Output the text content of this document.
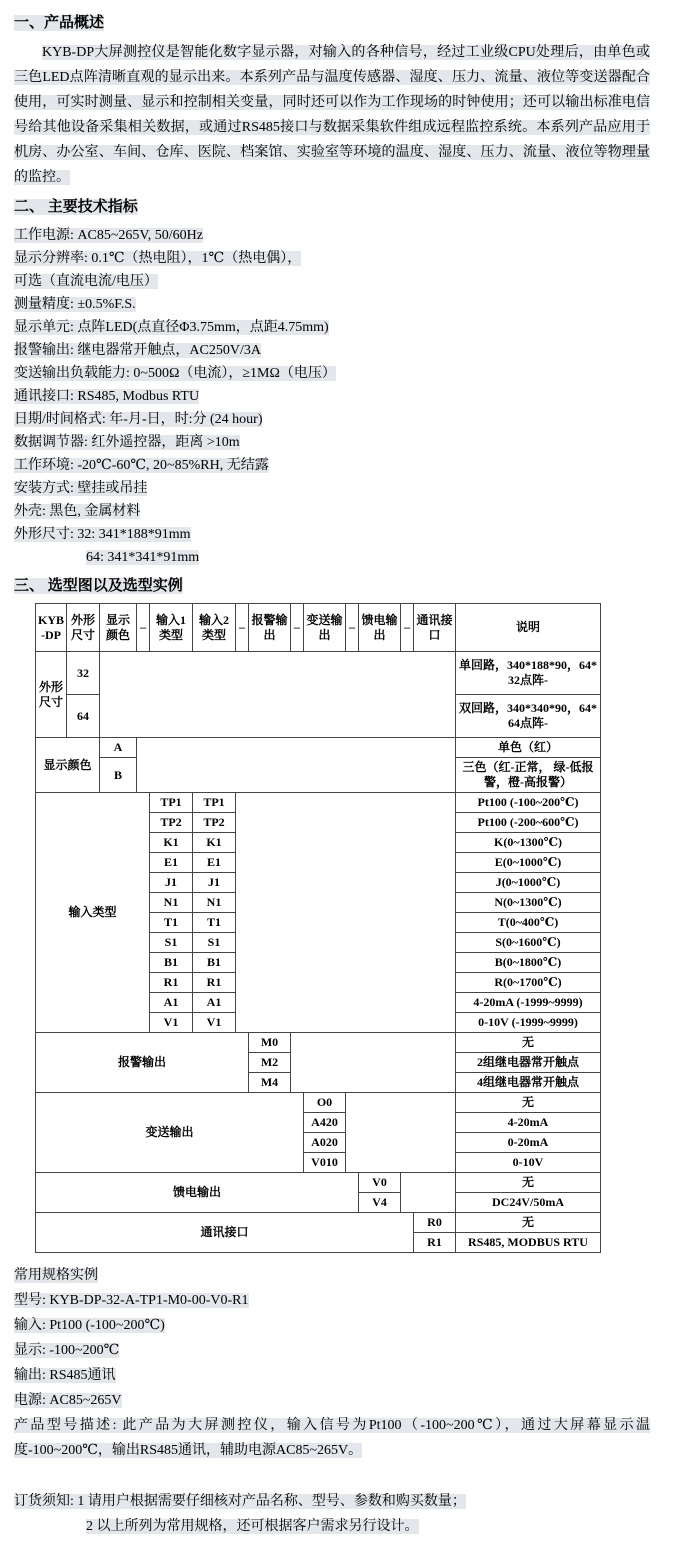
一、产品概述

KYB-DP大屏测控仪是智能化数字显示器，对输入的各种信号，经过工业级CPU处理后，由单色或三色LED点阵清晰直观的显示出来。本系列产品与温度传感器、湿度、压力、流量、液位等变送器配合使用，可实时测量、显示和控制相关变量，同时还可以作为工作现场的时钟使用；还可以输出标准电信号给其他设备采集相关数据，或通过RS485接口与数据采集软件组成远程监控系统。本系列产品应用于机房、办公室、车间、仓库、医院、档案馆、实验室等环境的温度、湿度、压力、流量、液位等物理量的监控。

二、 主要技术指标
工作电源: AC85~265V, 50/60Hz
显示分辨率: 0.1℃（热电阻），1℃（热电偶），
可选（直流电流/电压）
测量精度: ±0.5%F.S.
显示单元: 点阵LED(点直径Φ3.75mm，点距4.75mm)
报警输出: 继电器常开触点，AC250V/3A
变送输出负载能力: 0~500Ω（电流），≥1MΩ（电压）
通讯接口: RS485, Modbus RTU
日期/时间格式: 年-月-日，时:分 (24 hour)
数据调节器: 红外遥控器，距离 >10m
工作环境: -20℃-60℃, 20~85%RH, 无结露
安装方式: 壁挂或吊挂
外壳: 黑色, 金属材料
外形尺寸: 32: 341*188*91mm
64: 341*341*91mm
三、 选型图以及选型实例
KYB-DP	外形尺寸	显示颜色	–	输入1类型	输入2类型	–	报警输出	–	变送输出	–	馈电输出	–	通讯接口	说明
外形尺寸	32													单回路，340*188*90，64*32点阵-
	64													双回路，340*340*90，64*64点阵-
显示颜色		A												单色（红）
		B												三色（红-正常， 绿-低报警，橙-高报警）
输入类型				TP1	TP1									Pt100 (-100~200℃)
				TP2	TP2									Pt100 (-200~600℃)
				K1	K1									K(0~1300℃)
				E1	E1									E(0~1000℃)
				J1	J1									J(0~1000℃)
				N1	N1									N(0~1300℃)
				T1	T1									T(0~400℃)
				S1	S1									S(0~1600℃)
				B1	B1									B(0~1800℃)
				R1	R1									R(0~1700℃)
				A1	A1									4-20mA (-1999~9999)
				V1	V1									0-10V (-1999~9999)
报警输出							M0							无
							M2							2组继电器常开触点
							M4							4组继电器常开触点
变送输出									O0					无
									A420					4-20mA
									A020					0-20mA
									V010					0-10V
馈电输出											V0			无
											V4			DC24V/50mA
通讯接口													R0	无
													R1	RS485, MODBUS RTU
常用规格实例
型号: KYB-DP-32-A-TP1-M0-00-V0-R1
输入: Pt100 (-100~200℃)
显示: -100~200℃
输出: RS485通讯
电源: AC85~265V
产品型号描述: 此产品为大屏测控仪，输入信号为Pt100（-100~200℃），通过大屏幕显示温度-100~200℃，输出RS485通讯，辅助电源AC85~265V。
订货须知: 1 请用户根据需要仔细核对产品名称、型号、参数和购买数量；
2 以上所列为常用规格，还可根据客户需求另行设计。
